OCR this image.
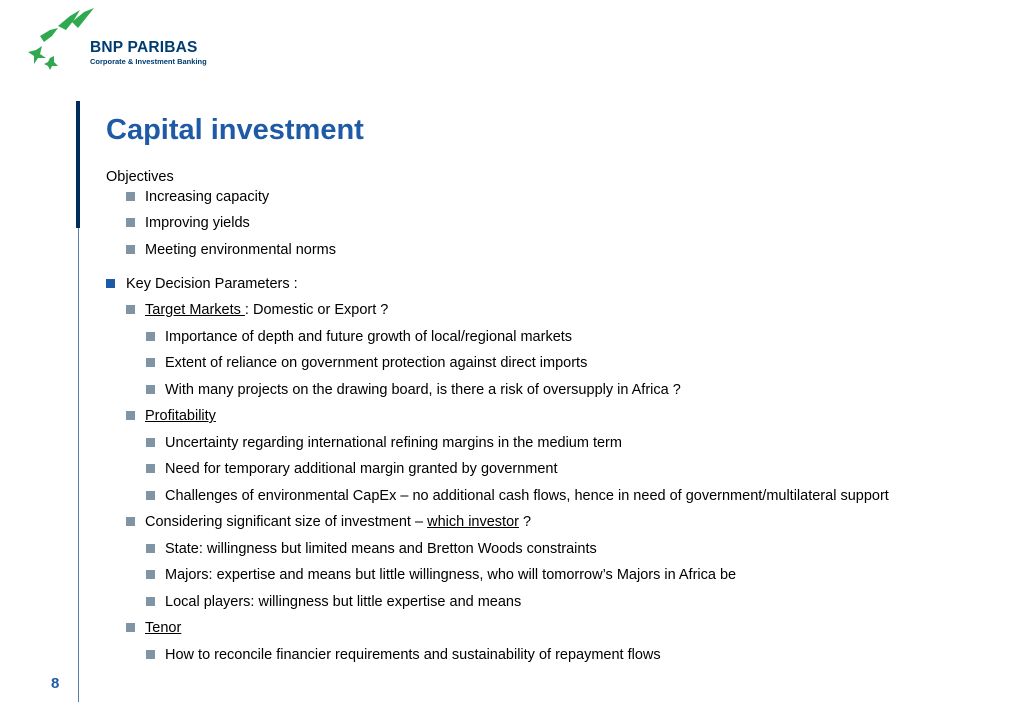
BNP PARIBAS
Corporate & Investment Banking
Capital investment
Objectives
Increasing capacity
Improving yields
Meeting environmental norms
Key Decision Parameters :
Target Markets : Domestic or Export ?
Importance of depth and future growth of local/regional markets
Extent of reliance on government protection against direct imports
With many projects on the drawing board, is there a risk of oversupply in Africa ?
Profitability
Uncertainty regarding international refining margins in the medium term
Need for temporary additional margin granted by government
Challenges of environmental CapEx – no additional cash flows, hence in need of government/multilateral support
Considering significant size of investment – which investor ?
State: willingness but limited means and Bretton Woods constraints
Majors: expertise and means but little willingness, who will tomorrow’s Majors in Africa be
Local players: willingness but little expertise and means
Tenor
How to reconcile financier requirements and sustainability of repayment flows
8
